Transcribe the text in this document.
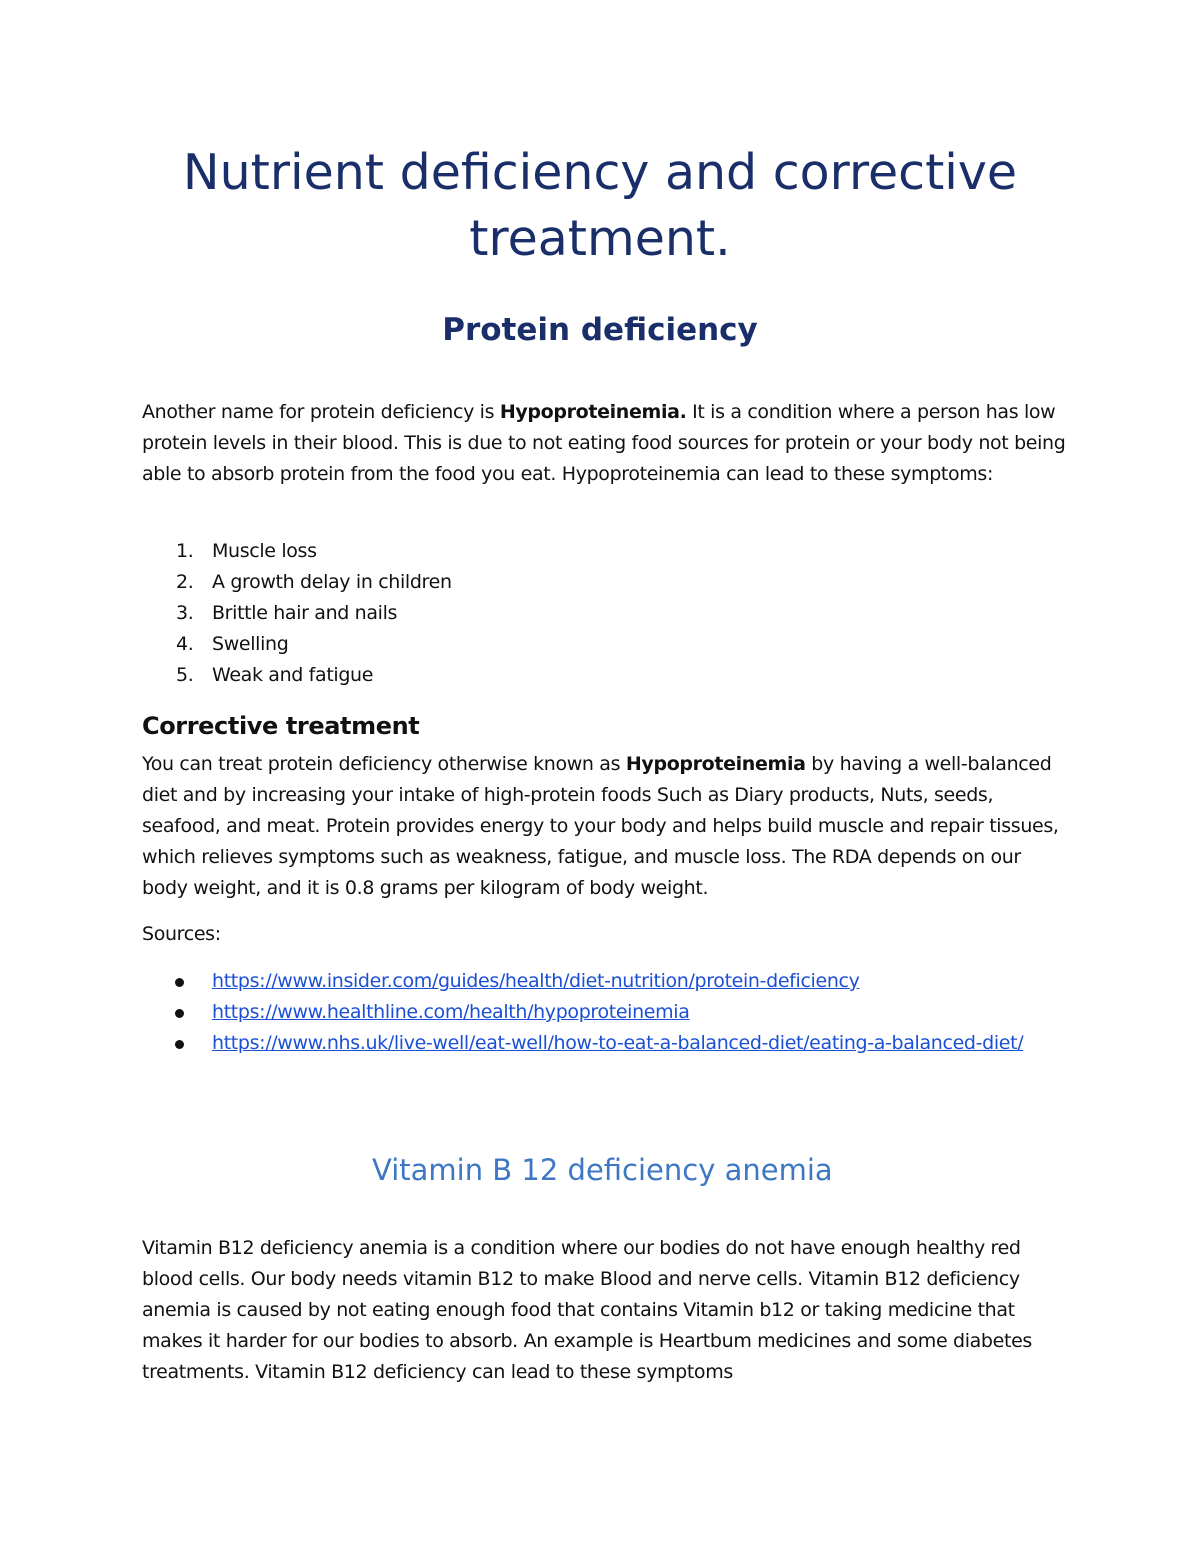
Nutrient deficiency and corrective treatment.
Protein deficiency

Another name for protein deficiency is Hypoproteinemia. It is a condition where a person has low protein levels in their blood. This is due to not eating food sources for protein or your body not being able to absorb protein from the food you eat. Hypoproteinemia can lead to these symptoms:

1. Muscle loss
2. A growth delay in children
3. Brittle hair and nails
4. Swelling
5. Weak and fatigue
Corrective treatment

You can treat protein deficiency otherwise known as Hypoproteinemia by having a well-balanced diet and by increasing your intake of high-protein foods Such as Diary products, Nuts, seeds, seafood, and meat. Protein provides energy to your body and helps build muscle and repair tissues, which relieves symptoms such as weakness, fatigue, and muscle loss. The RDA depends on our body weight, and it is 0.8 grams per kilogram of body weight.

Sources:

https://www.insider.com/guides/health/diet-nutrition/protein-deficiency
https://www.healthline.com/health/hypoproteinemia
https://www.nhs.uk/live-well/eat-well/how-to-eat-a-balanced-diet/eating-a-balanced-diet/
Vitamin B 12 deficiency anemia

Vitamin B12 deficiency anemia is a condition where our bodies do not have enough healthy red blood cells. Our body needs vitamin B12 to make Blood and nerve cells. Vitamin B12 deficiency anemia is caused by not eating enough food that contains Vitamin b12 or taking medicine that makes it harder for our bodies to absorb. An example is Heartbum medicines and some diabetes treatments. Vitamin B12 deficiency can lead to these symptoms
